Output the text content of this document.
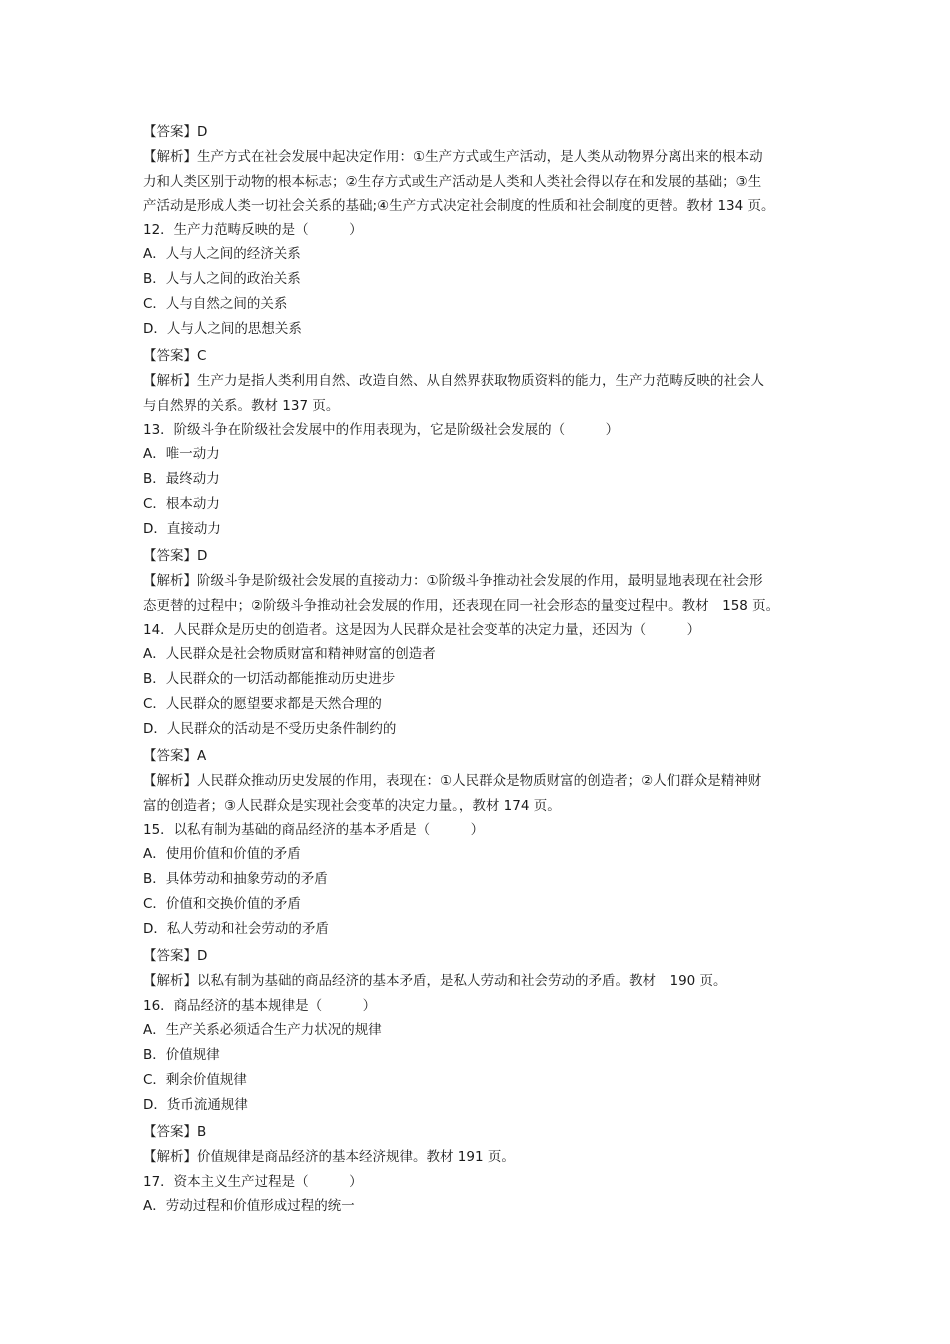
【答案】D
【解析】生产方式在社会发展中起决定作用：①生产方式或生产活动，是人类从动物界分离出来的根本动
力和人类区别于动物的根本标志；②生存方式或生产活动是人类和人类社会得以存在和发展的基础；③生
产活动是形成人类一切社会关系的基础;④生产方式决定社会制度的性质和社会制度的更替。教材 134 页。
12．生产力范畴反映的是（　　　）
A．人与人之间的经济关系
B．人与人之间的政治关系
C．人与自然之间的关系
D．人与人之间的思想关系
【答案】C
【解析】生产力是指人类利用自然、改造自然、从自然界获取物质资料的能力，生产力范畴反映的社会人
与自然界的关系。教材 137 页。
13．阶级斗争在阶级社会发展中的作用表现为，它是阶级社会发展的（　　　）
A．唯一动力
B．最终动力
C．根本动力
D．直接动力
【答案】D
【解析】阶级斗争是阶级社会发展的直接动力：①阶级斗争推动社会发展的作用，最明显地表现在社会形
态更替的过程中；②阶级斗争推动社会发展的作用，还表现在同一社会形态的量变过程中。教材　158 页。
14．人民群众是历史的创造者。这是因为人民群众是社会变革的决定力量，还因为（　　　）
A．人民群众是社会物质财富和精神财富的创造者
B．人民群众的一切活动都能推动历史进步
C．人民群众的愿望要求都是天然合理的
D．人民群众的活动是不受历史条件制约的
【答案】A
【解析】人民群众推动历史发展的作用，表现在：①人民群众是物质财富的创造者；②人们群众是精神财
富的创造者；③人民群众是实现社会变革的决定力量。，教材 174 页。
15．以私有制为基础的商品经济的基本矛盾是（　　　）
A．使用价值和价值的矛盾
B．具体劳动和抽象劳动的矛盾
C．价值和交换价值的矛盾
D．私人劳动和社会劳动的矛盾
【答案】D
【解析】以私有制为基础的商品经济的基本矛盾，是私人劳动和社会劳动的矛盾。教材　190 页。
16．商品经济的基本规律是（　　　）
A．生产关系必须适合生产力状况的规律
B．价值规律
C．剩余价值规律
D．货币流通规律
【答案】B
【解析】价值规律是商品经济的基本经济规律。教材 191 页。
17．资本主义生产过程是（　　　）
A．劳动过程和价值形成过程的统一
